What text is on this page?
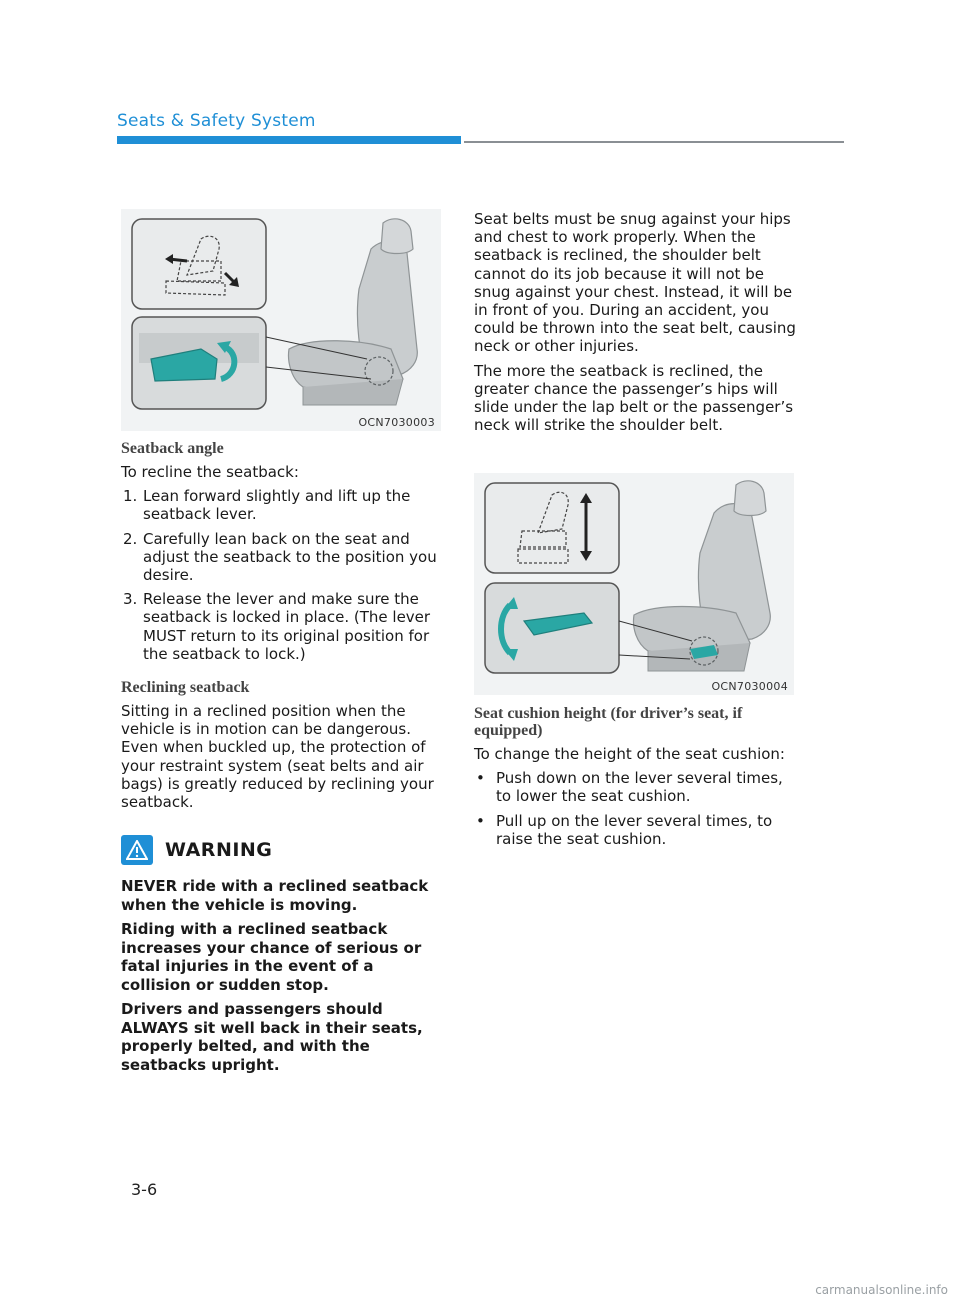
Seats & Safety System
OCN7030003
OCN7030004
Seatback angle

To recline the seatback:

1. Lean forward slightly and lift up the seatback lever.
2. Carefully lean back on the seat and adjust the seatback to the position you desire.
3. Release the lever and make sure the seatback is locked in place. (The lever MUST return to its original position for the seatback to lock.)
Reclining seatback

Sitting in a reclined position when the vehicle is in motion can be dangerous. Even when buckled up, the protection of your restraint system (seat belts and air bags) is greatly reduced by reclining your seatback.

WARNING

NEVER ride with a reclined seatback when the vehicle is moving.

Riding with a reclined seatback increases your chance of serious or fatal injuries in the event of a collision or sudden stop.

Drivers and passengers should ALWAYS sit well back in their seats, properly belted, and with the seatbacks upright.

Seat belts must be snug against your hips and chest to work properly. When the seatback is reclined, the shoulder belt cannot do its job because it will not be snug against your chest. Instead, it will be in front of you. During an accident, you could be thrown into the seat belt, causing neck or other injuries.

The more the seatback is reclined, the greater chance the passenger’s hips will slide under the lap belt or the passenger’s neck will strike the shoulder belt.

Seat cushion height (for driver’s seat, if equipped)

To change the height of the seat cushion:

• Push down on the lever several times, to lower the seat cushion.
• Pull up on the lever several times, to raise the seat cushion.
3-6
carmanualsonline.info
